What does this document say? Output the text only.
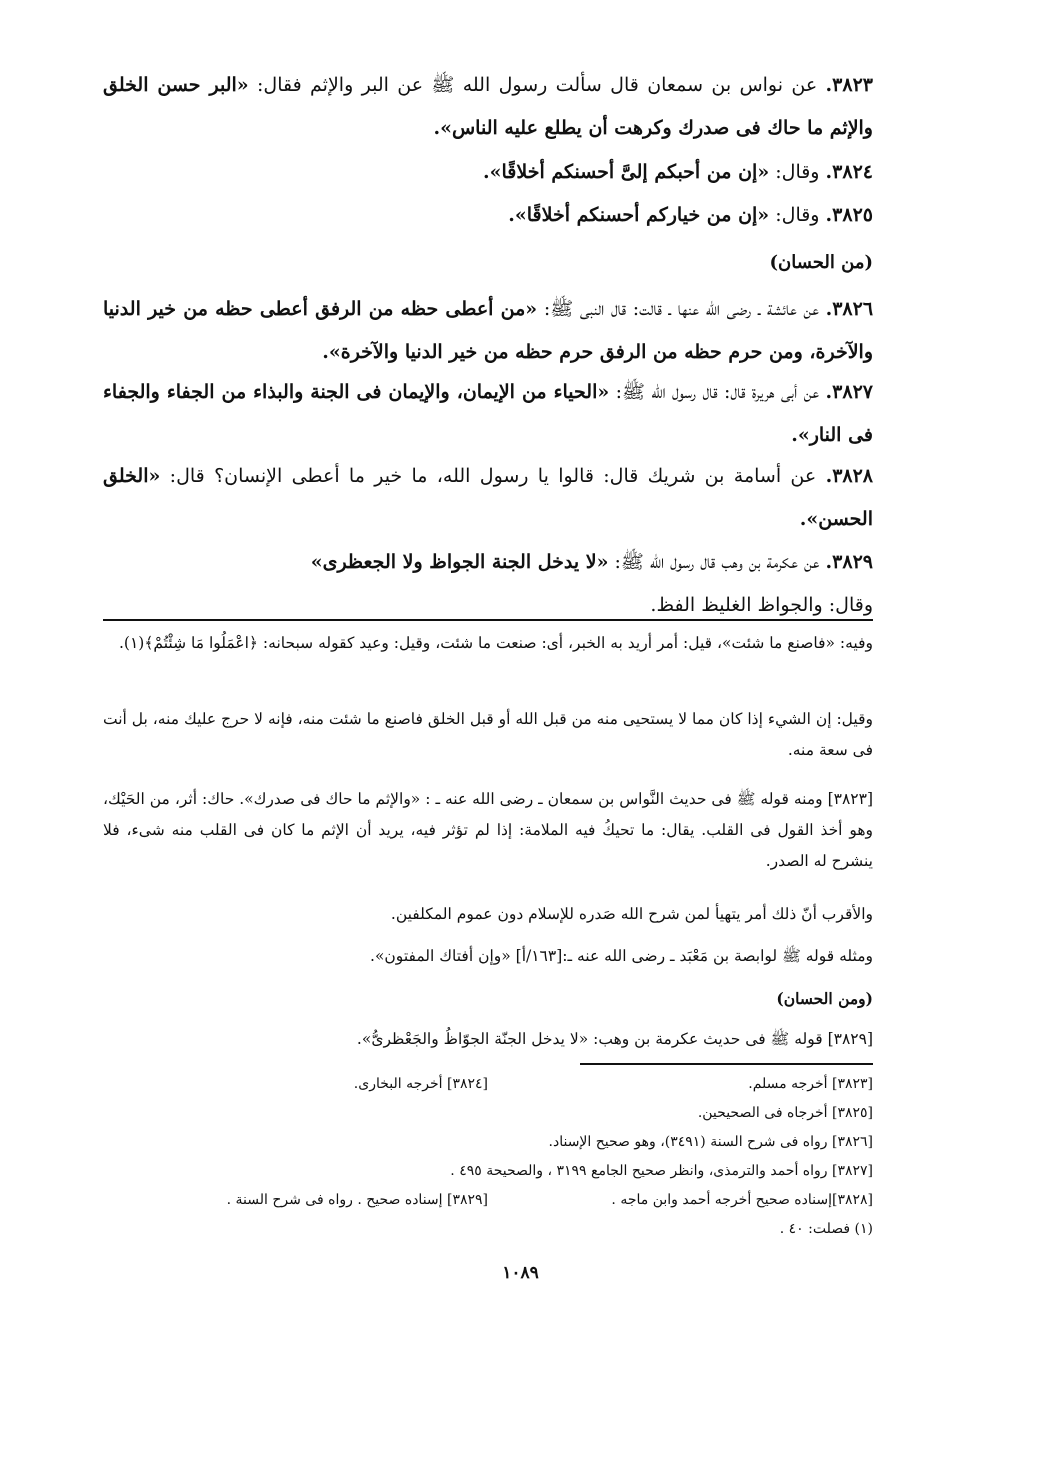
٣٨٢٣. عن نواس بن سمعان قال سألت رسول الله ﷺ عن البر والإثم فقال: «البر حسن الخلق والإثم ما حاك فى صدرك وكرهت أن يطلع عليه الناس».
٣٨٢٤. وقال: «إن من أحبكم إلىَّ أحسنكم أخلاقًا».
٣٨٢٥. وقال: «إن من خياركم أحسنكم أخلاقًا».
(من الحسان)
٣٨٢٦. عن عائشة ـ رضى الله عنها ـ قالت: قال النبى ﷺ: «من أعطى حظه من الرفق أعطى حظه من خير الدنيا والآخرة، ومن حرم حظه من الرفق حرم حظه من خير الدنيا والآخرة».
٣٨٢٧. عن أبى هريرة قال: قال رسول الله ﷺ: «الحياء من الإيمان، والإيمان فى الجنة والبذاء من الجفاء والجفاء فى النار».
٣٨٢٨. عن أسامة بن شريك قال: قالوا يا رسول الله، ما خير ما أعطى الإنسان؟ قال: «الخلق الحسن».
٣٨٢٩. عن عكرمة بن وهب قال رسول الله ﷺ: «لا يدخل الجنة الجواظ ولا الجعظرى»
وقال: والجواظ الغليظ الفظ.
وفيه: «فاصنع ما شئت»، قيل: أمر أريد به الخبر، أى: صنعت ما شئت، وقيل: وعيد كقوله سبحانه: ﴿اعْمَلُوا مَا شِئْتُمْ﴾(١).
وقيل: إن الشيء إذا كان مما لا يستحيى منه من قبل الله أو قبل الخلق فاصنع ما شئت منه، فإنه لا حرج عليك منه، بل أنت فى سعة منه.
[٣٨٢٣] ومنه قوله ﷺ فى حديث النَّواس بن سمعان ـ رضى الله عنه ـ : «والإثم ما حاك فى صدرك». حاك: أثر، من الحَيْك، وهو أخذ القول فى القلب. يقال: ما تحيكُ فيه الملامة: إذا لم تؤثر فيه، يريد أن الإثم ما كان فى القلب منه شىء، فلا ينشرح له الصدر.
والأقرب أنّ ذلك أمر يتهيأ لمن شرح الله صَدره للإسلام دون عموم المكلفين.
ومثله قوله ﷺ لوابصة بن مَعْبَد ـ رضى الله عنه ـ:[١٦٣/أ] «وإن أفتاك المفتون».
(ومن الحسان)
[٣٨٢٩] قوله ﷺ فى حديث عكرمة بن وهب: «لا يدخل الجنّة الجوّاظُ والجَعْظرىُّ».
[٣٨٢٣] أخرجه مسلم.
[٣٨٢٤] أخرجه البخارى.
[٣٨٢٥] أخرجاه فى الصحيحين.
[٣٨٢٦] رواه فى شرح السنة (٣٤٩١)، وهو صحيح الإسناد.
[٣٨٢٧] رواه أحمد والترمذى، وانظر صحيح الجامع ٣١٩٩ ، والصحيحة ٤٩٥ .
[٣٨٢٨]إسناده صحيح أخرجه أحمد وابن ماجه .
[٣٨٢٩] إسناده صحيح . رواه فى شرح السنة .
(١) فصلت: ٤٠ .
١٠٨٩
